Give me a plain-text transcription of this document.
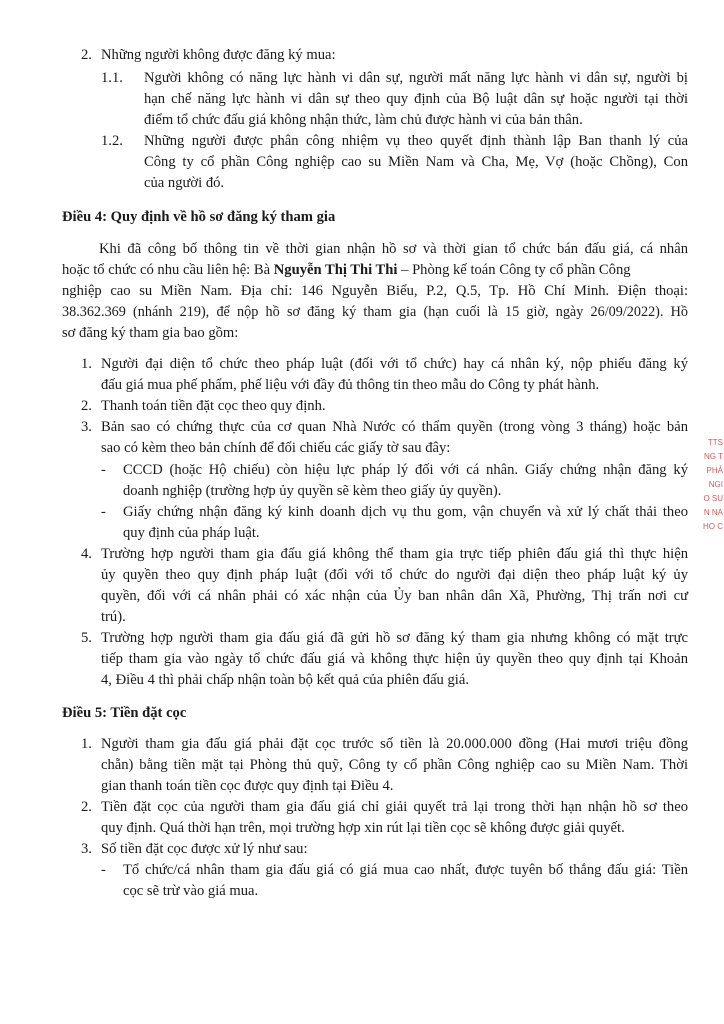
2. Những người không được đăng ký mua:
1.1. Người không có năng lực hành vi dân sự, người mất năng lực hành vi dân sự, người bị
hạn chế năng lực hành vi dân sự theo quy định của Bộ luật dân sự hoặc người tại thời
điểm tổ chức đấu giá không nhận thức, làm chủ được hành vi của bản thân.
1.2. Những người được phân công nhiệm vụ theo quyết định thành lập Ban thanh lý của
Công ty cổ phần Công nghiệp cao su Miền Nam và Cha, Mẹ, Vợ (hoặc Chồng), Con
của người đó.
Điều 4: Quy định về hồ sơ đăng ký tham gia
Khi đã công bố thông tin về thời gian nhận hồ sơ và thời gian tổ chức bán đấu giá, cá nhân
hoặc tổ chức có nhu cầu liên hệ: Bà Nguyễn Thị Thi Thi – Phòng kế toán Công ty cổ phần Công
nghiệp cao su Miền Nam. Địa chỉ: 146 Nguyễn Biểu, P.2, Q.5, Tp. Hồ Chí Minh. Điện thoại:
38.362.369 (nhánh 219), để nộp hồ sơ đăng ký tham gia (hạn cuối là 15 giờ, ngày 26/09/2022). Hồ
sơ đăng ký tham gia bao gồm:
1. Người đại diện tổ chức theo pháp luật (đối với tổ chức) hay cá nhân ký, nộp phiếu đăng ký
đấu giá mua phế phẩm, phế liệu với đầy đủ thông tin theo mẫu do Công ty phát hành.
2. Thanh toán tiền đặt cọc theo quy định.
3. Bản sao có chứng thực của cơ quan Nhà Nước có thẩm quyền (trong vòng 3 tháng) hoặc bản
sao có kèm theo bản chính để đối chiếu các giấy tờ sau đây:
- CCCD (hoặc Hộ chiếu) còn hiệu lực pháp lý đối với cá nhân. Giấy chứng nhận đăng ký
doanh nghiệp (trường hợp ủy quyền sẽ kèm theo giấy ủy quyền).
- Giấy chứng nhận đăng ký kinh doanh dịch vụ thu gom, vận chuyển và xử lý chất thải theo
quy định của pháp luật.
4. Trường hợp người tham gia đấu giá không thể tham gia trực tiếp phiên đấu giá thì thực hiện
ủy quyền theo quy định pháp luật (đối với tổ chức do người đại diện theo pháp luật ký ủy
quyền, đối với cá nhân phải có xác nhận của Ủy ban nhân dân Xã, Phường, Thị trấn nơi cư
trú).
5. Trường hợp người tham gia đấu giá đã gửi hồ sơ đăng ký tham gia nhưng không có mặt trực
tiếp tham gia vào ngày tổ chức đấu giá và không thực hiện ủy quyền theo quy định tại Khoản
4, Điều 4 thì phải chấp nhận toàn bộ kết quả của phiên đấu giá.
Điều 5: Tiền đặt cọc
1. Người tham gia đấu giá phải đặt cọc trước số tiền là 20.000.000 đồng (Hai mươi triệu đồng
chẵn) bằng tiền mặt tại Phòng thủ quỹ, Công ty cổ phần Công nghiệp cao su Miền Nam. Thời
gian thanh toán tiền cọc được quy định tại Điều 4.
2. Tiền đặt cọc của người tham gia đấu giá chỉ giải quyết trả lại trong thời hạn nhận hồ sơ theo
quy định. Quá thời hạn trên, mọi trường hợp xin rút lại tiền cọc sẽ không được giải quyết.
3. Số tiền đặt cọc được xử lý như sau:
- Tổ chức/cá nhân tham gia đấu giá có giá mua cao nhất, được tuyên bố thắng đấu giá: Tiền
cọc sẽ trừ vào giá mua.
TTS
NG T
PHẢ
NGI
O SU
N NA
HO C
